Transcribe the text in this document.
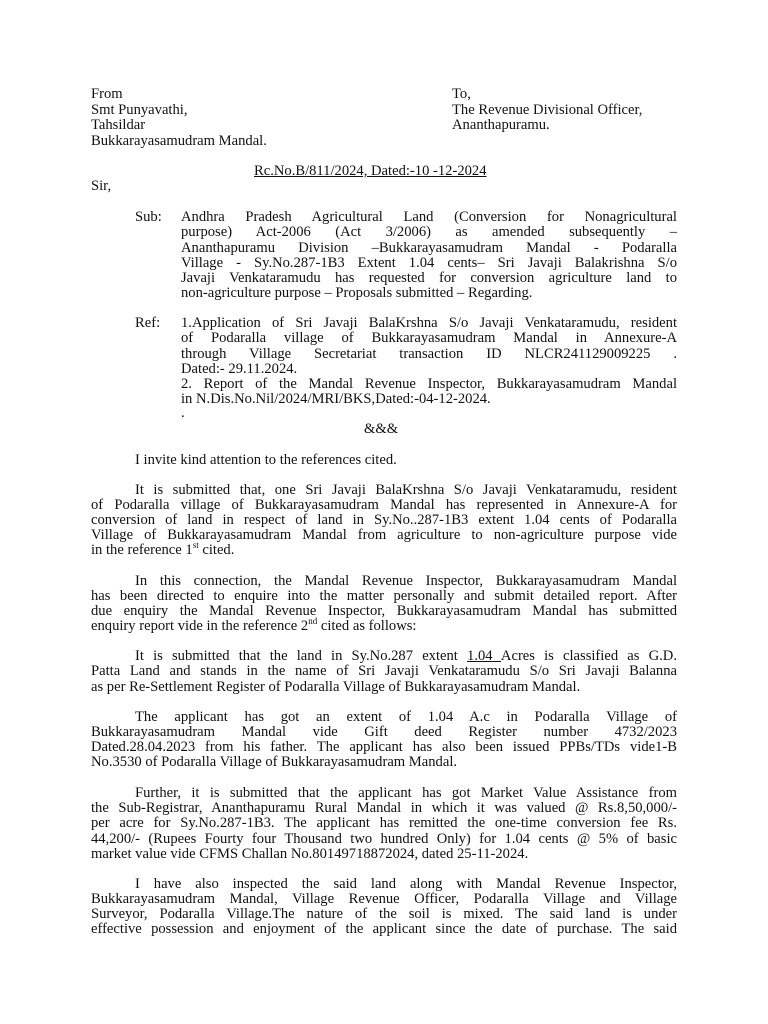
From
Smt Punyavathi,
Tahsildar
Bukkarayasamudram Mandal.
To,
The Revenue Divisional Officer,
Ananthapuramu.
Rc.No.B/811/2024, Dated:-10 -12-2024
Sir,
Sub: Andhra Pradesh Agricultural Land (Conversion for Nonagricultural
purpose) Act-2006 (Act 3/2006) as amended subsequently –
Ananthapuramu Division –Bukkarayasamudram Mandal - Podaralla
Village - Sy.No.287-1B3 Extent 1.04 cents– Sri Javaji Balakrishna S/o
Javaji Venkataramudu has requested for conversion agriculture land to
non-agriculture purpose – Proposals submitted – Regarding.
Ref: 1.Application of Sri Javaji BalaKrshna S/o Javaji Venkataramudu, resident
of Podaralla village of Bukkarayasamudram Mandal in Annexure-A
through Village Secretariat transaction ID NLCR241129009225 .
Dated:- 29.11.2024.
2. Report of the Mandal Revenue Inspector, Bukkarayasamudram Mandal
in N.Dis.No.Nil/2024/MRI/BKS,Dated:-04-12-2024.
.
&&&
I invite kind attention to the references cited.
It is submitted that, one Sri Javaji BalaKrshna S/o Javaji Venkataramudu, resident
of Podaralla village of Bukkarayasamudram Mandal has represented in Annexure-A for
conversion of land in respect of land in Sy.No..287-1B3 extent 1.04 cents of Podaralla
Village of Bukkarayasamudram Mandal from agriculture to non-agriculture purpose vide
in the reference 1st cited.
In this connection, the Mandal Revenue Inspector, Bukkarayasamudram Mandal
has been directed to enquire into the matter personally and submit detailed report. After
due enquiry the Mandal Revenue Inspector, Bukkarayasamudram Mandal has submitted
enquiry report vide in the reference 2nd cited as follows:
It is submitted that the land in Sy.No.287 extent 1.04 Acres is classified as G.D.
Patta Land and stands in the name of Sri Javaji Venkataramudu S/o Sri Javaji Balanna
as per Re-Settlement Register of Podaralla Village of Bukkarayasamudram Mandal.
The applicant has got an extent of 1.04 A.c in Podaralla Village of
Bukkarayasamudram Mandal vide Gift deed Register number 4732/2023
Dated.28.04.2023 from his father. The applicant has also been issued PPBs/TDs vide1-B
No.3530 of Podaralla Village of Bukkarayasamudram Mandal.
Further, it is submitted that the applicant has got Market Value Assistance from
the Sub-Registrar, Ananthapuramu Rural Mandal in which it was valued @ Rs.8,50,000/-
per acre for Sy.No.287-1B3. The applicant has remitted the one-time conversion fee Rs.
44,200/- (Rupees Fourty four Thousand two hundred Only) for 1.04 cents @ 5% of basic
market value vide CFMS Challan No.80149718872024, dated 25-11-2024.
I have also inspected the said land along with Mandal Revenue Inspector,
Bukkarayasamudram Mandal, Village Revenue Officer, Podaralla Village and Village
Surveyor, Podaralla Village.The nature of the soil is mixed. The said land is under
effective possession and enjoyment of the applicant since the date of purchase. The said
